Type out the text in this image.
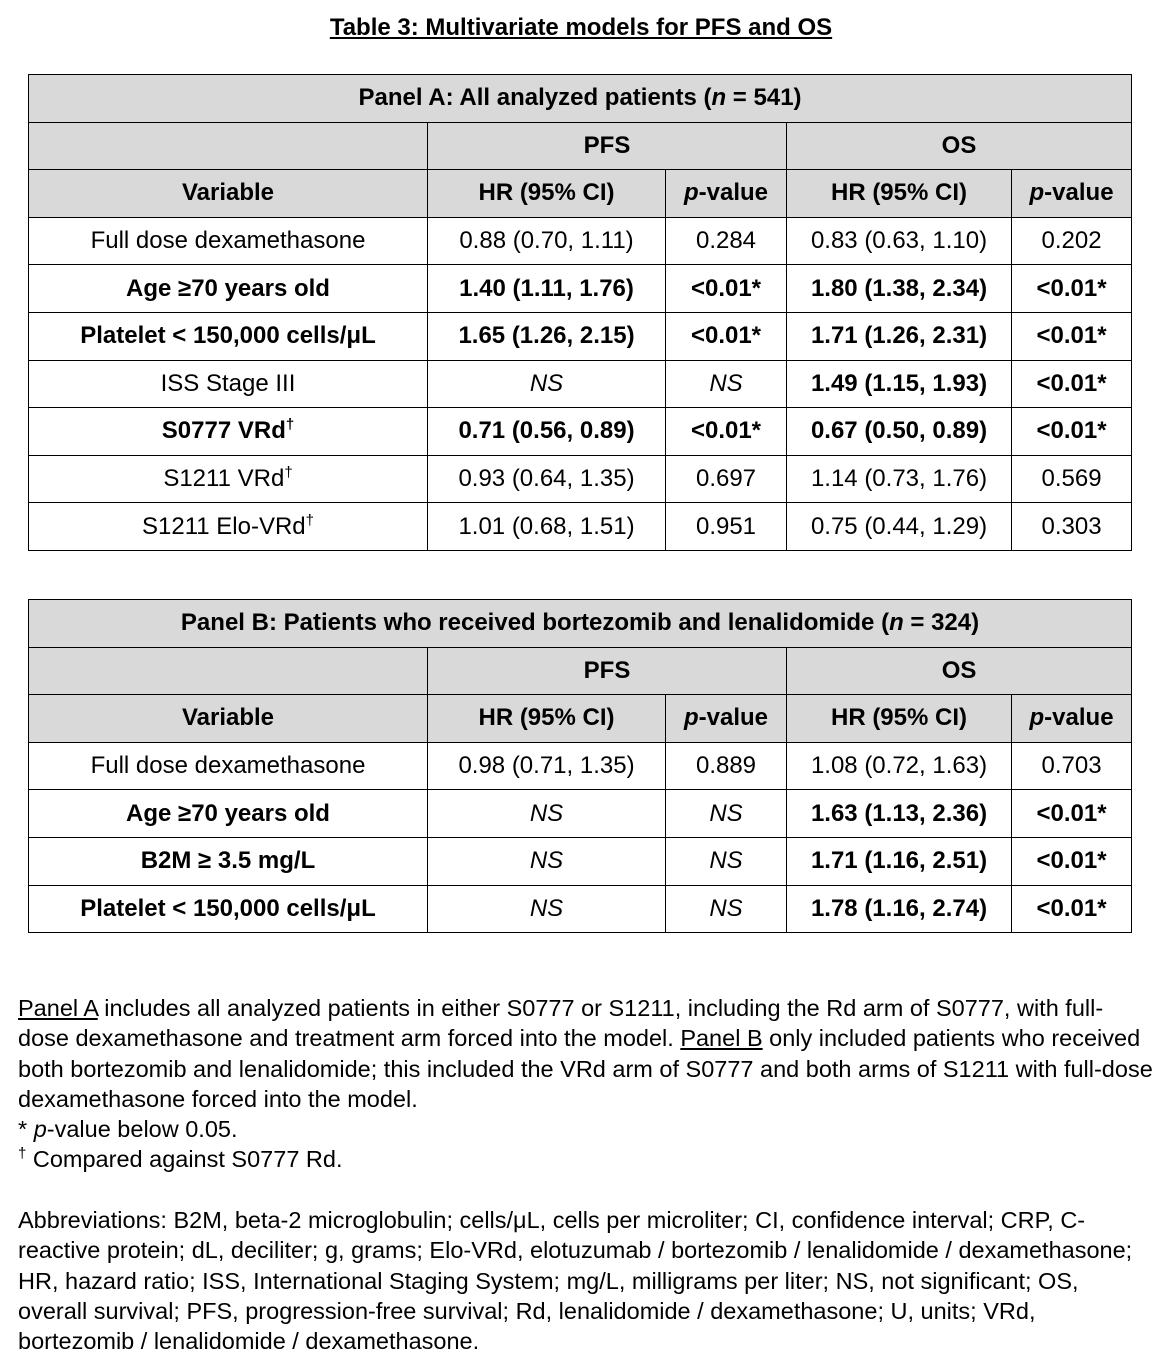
Table 3: Multivariate models for PFS and OS
Panel A: All analyzed patients (n = 541)				
	PFS		OS	
Variable	HR (95% CI)	p-value	HR (95% CI)	p-value
Full dose dexamethasone	0.88 (0.70, 1.11)	0.284	0.83 (0.63, 1.10)	0.202
Age ≥70 years old	1.40 (1.11, 1.76)	<0.01*	1.80 (1.38, 2.34)	<0.01*
Platelet < 150,000 cells/μL	1.65 (1.26, 2.15)	<0.01*	1.71 (1.26, 2.31)	<0.01*
ISS Stage III	NS	NS	1.49 (1.15, 1.93)	<0.01*
S0777 VRd†	0.71 (0.56, 0.89)	<0.01*	0.67 (0.50, 0.89)	<0.01*
S1211 VRd†	0.93 (0.64, 1.35)	0.697	1.14 (0.73, 1.76)	0.569
S1211 Elo-VRd†	1.01 (0.68, 1.51)	0.951	0.75 (0.44, 1.29)	0.303
Panel B: Patients who received bortezomib and lenalidomide (n = 324)				
	PFS		OS	
Variable	HR (95% CI)	p-value	HR (95% CI)	p-value
Full dose dexamethasone	0.98 (0.71, 1.35)	0.889	1.08 (0.72, 1.63)	0.703
Age ≥70 years old	NS	NS	1.63 (1.13, 2.36)	<0.01*
B2M ≥ 3.5 mg/L	NS	NS	1.71 (1.16, 2.51)	<0.01*
Platelet < 150,000 cells/μL	NS	NS	1.78 (1.16, 2.74)	<0.01*

Panel A includes all analyzed patients in either S0777 or S1211, including the Rd arm of S0777, with full-dose dexamethasone and treatment arm forced into the model. Panel B only included patients who received both bortezomib and lenalidomide; this included the VRd arm of S0777 and both arms of S1211 with full-dose dexamethasone forced into the model.

* p-value below 0.05.

† Compared against S0777 Rd.

Abbreviations: B2M, beta-2 microglobulin; cells/μL, cells per microliter; CI, confidence interval; CRP, C-reactive protein; dL, deciliter; g, grams; Elo-VRd, elotuzumab / bortezomib / lenalidomide / dexamethasone; HR, hazard ratio; ISS, International Staging System; mg/L, milligrams per liter; NS, not significant; OS, overall survival; PFS, progression-free survival; Rd, lenalidomide / dexamethasone; U, units; VRd, bortezomib / lenalidomide / dexamethasone.
